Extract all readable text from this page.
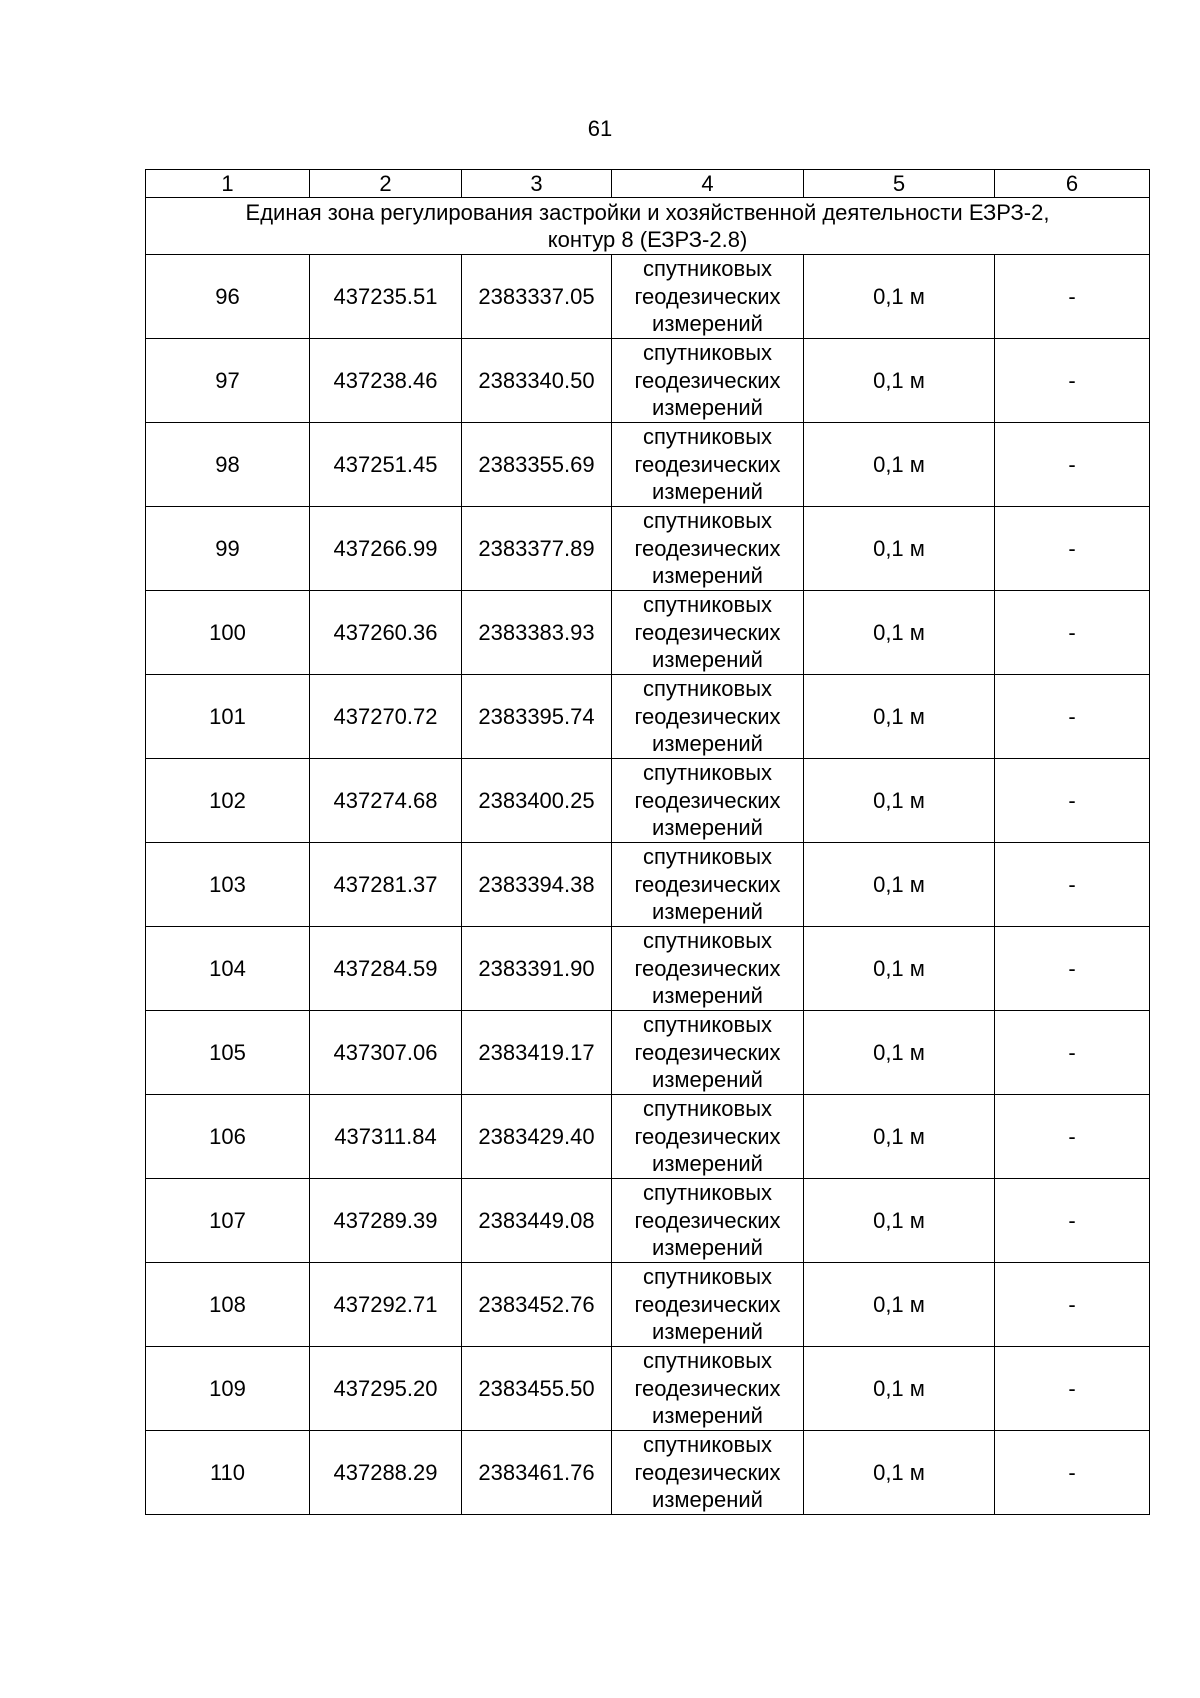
61
1	2	3	4	5	6

Единая зона регулирования застройки и хозяйственной деятельности ЕЗРЗ-2,
контур 8 (ЕЗРЗ-2.8)					

96	437235.51	2383337.05	спутниковых геодезических измерений	0,1 м	-
97	437238.46	2383340.50	спутниковых геодезических измерений	0,1 м	-
98	437251.45	2383355.69	спутниковых геодезических измерений	0,1 м	-
99	437266.99	2383377.89	спутниковых геодезических измерений	0,1 м	-
100	437260.36	2383383.93	спутниковых геодезических измерений	0,1 м	-
101	437270.72	2383395.74	спутниковых геодезических измерений	0,1 м	-
102	437274.68	2383400.25	спутниковых геодезических измерений	0,1 м	-
103	437281.37	2383394.38	спутниковых геодезических измерений	0,1 м	-
104	437284.59	2383391.90	спутниковых геодезических измерений	0,1 м	-
105	437307.06	2383419.17	спутниковых геодезических измерений	0,1 м	-
106	437311.84	2383429.40	спутниковых геодезических измерений	0,1 м	-
107	437289.39	2383449.08	спутниковых геодезических измерений	0,1 м	-
108	437292.71	2383452.76	спутниковых геодезических измерений	0,1 м	-
109	437295.20	2383455.50	спутниковых геодезических измерений	0,1 м	-
110	437288.29	2383461.76	спутниковых геодезических измерений	0,1 м	-
